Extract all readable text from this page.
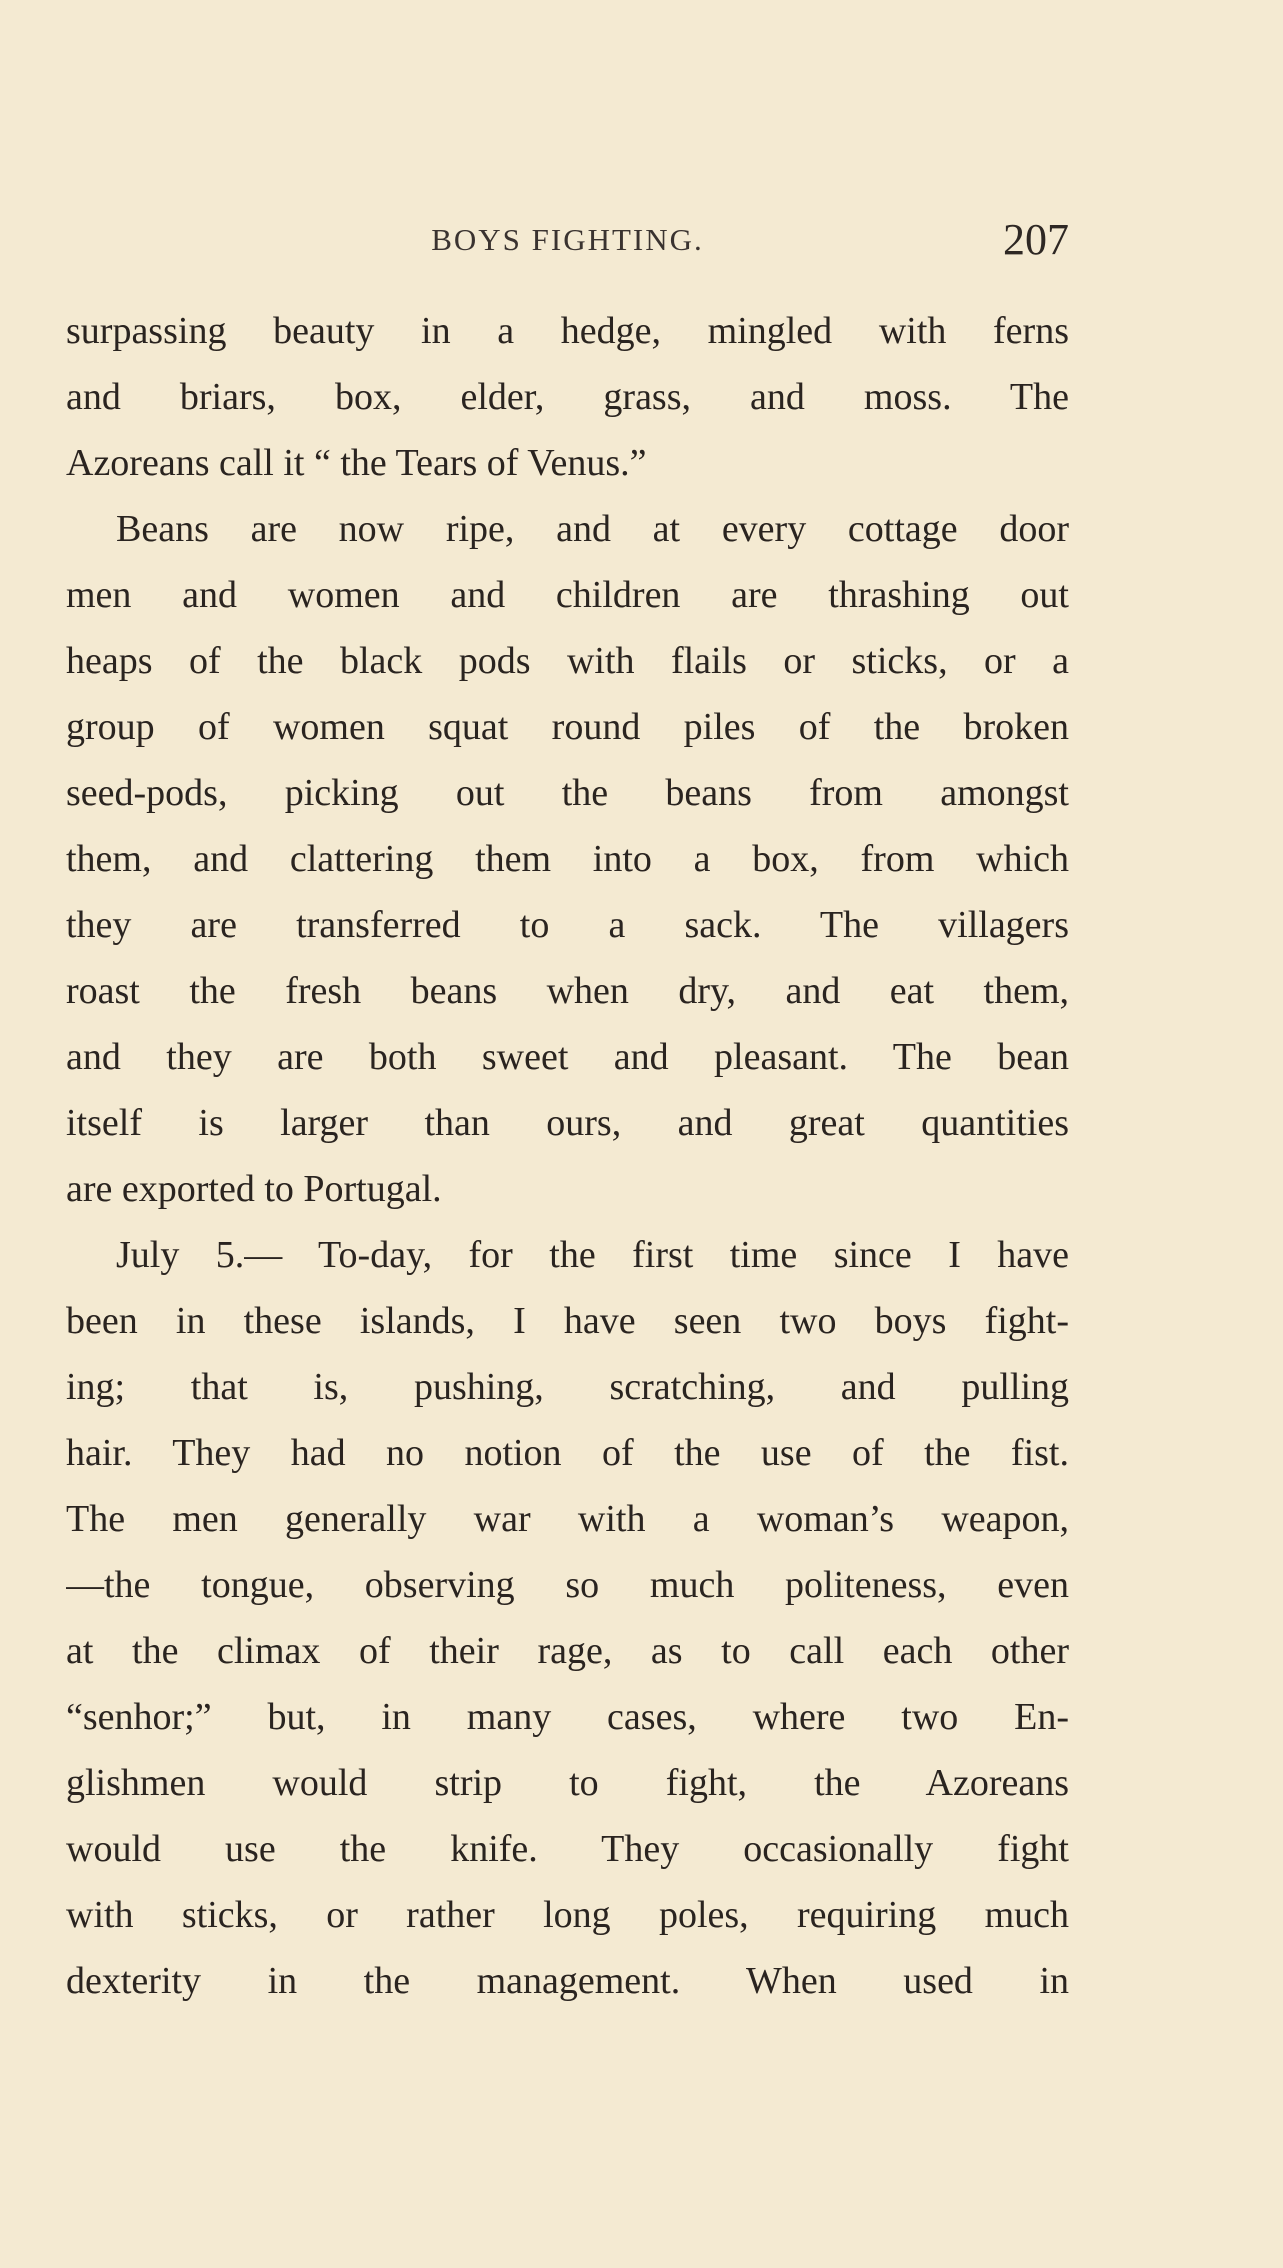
BOYS FIGHTING.	207
surpassing beauty in a hedge, mingled with ferns
and briars, box, elder, grass, and moss. The
Azoreans call it “ the Tears of Venus.”
Beans are now ripe, and at every cottage door
men and women and children are thrashing out
heaps of the black pods with flails or sticks, or a
group of women squat round piles of the broken
seed-pods, picking out the beans from amongst
them, and clattering them into a box, from which
they are transferred to a sack. The villagers
roast the fresh beans when dry, and eat them,
and they are both sweet and pleasant. The bean
itself is larger than ours, and great quantities
are exported to Portugal.
July 5.— To-day, for the first time since I have
been in these islands, I have seen two boys fight-
ing; that is, pushing, scratching, and pulling
hair. They had no notion of the use of the fist.
The men generally war with a woman’s weapon,
—the tongue, observing so much politeness, even
at the climax of their rage, as to call each other
“senhor;” but, in many cases, where two En-
glishmen would strip to fight, the Azoreans
would use the knife. They occasionally fight
with sticks, or rather long poles, requiring much
dexterity in the management. When used in
